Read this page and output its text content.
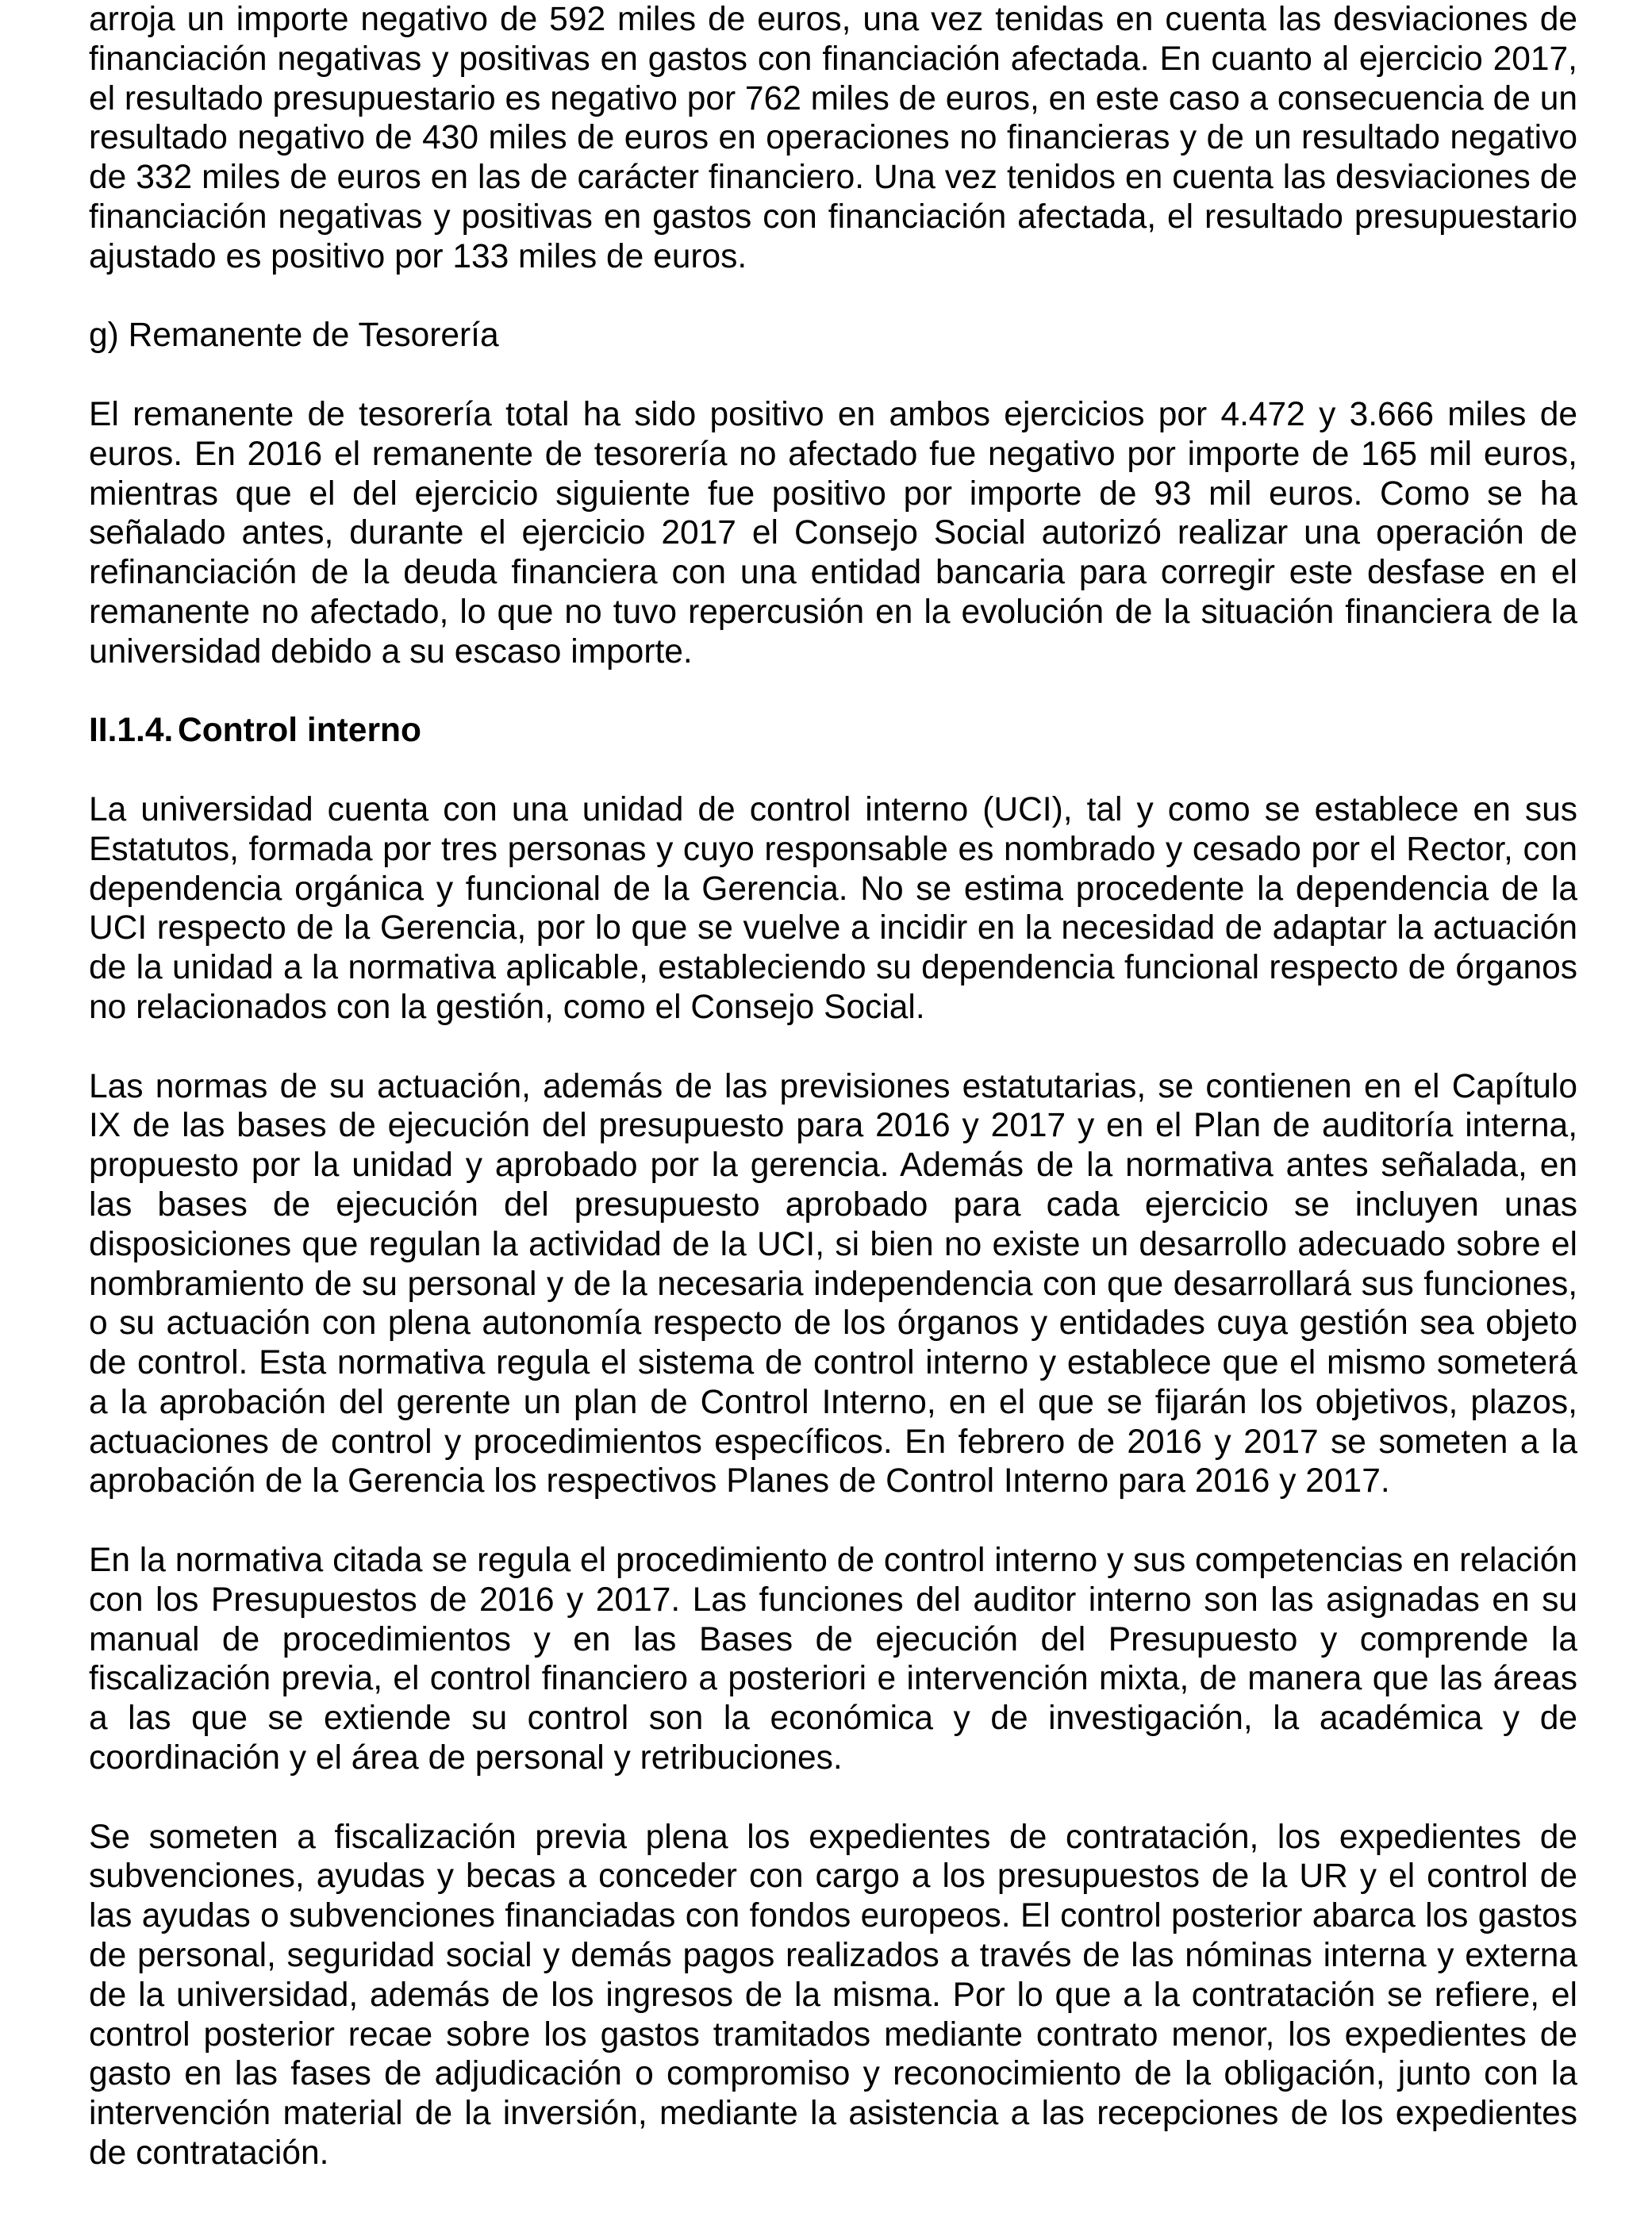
arroja un importe negativo de 592 miles de euros, una vez tenidas en cuenta las desviaciones de financiación negativas y positivas en gastos con financiación afectada. En cuanto al ejercicio 2017, el resultado presupuestario es negativo por 762 miles de euros, en este caso a consecuencia de un resultado negativo de 430 miles de euros en operaciones no financieras y de un resultado negativo de 332 miles de euros en las de carácter financiero. Una vez tenidos en cuenta las desviaciones de financiación negativas y positivas en gastos con financiación afectada, el resultado presupuestario ajustado es positivo por 133 miles de euros.

g) Remanente de Tesorería

El remanente de tesorería total ha sido positivo en ambos ejercicios por 4.472 y 3.666 miles de euros. En 2016 el remanente de tesorería no afectado fue negativo por importe de 165 mil euros, mientras que el del ejercicio siguiente fue positivo por importe de 93 mil euros. Como se ha señalado antes, durante el ejercicio 2017 el Consejo Social autorizó realizar una operación de refinanciación de la deuda financiera con una entidad bancaria para corregir este desfase en el remanente no afectado, lo que no tuvo repercusión en la evolución de la situación financiera de la universidad debido a su escaso importe.

II.1.4. Control interno

La universidad cuenta con una unidad de control interno (UCI), tal y como se establece en sus Estatutos, formada por tres personas y cuyo responsable es nombrado y cesado por el Rector, con dependencia orgánica y funcional de la Gerencia. No se estima procedente la dependencia de la UCI respecto de la Gerencia, por lo que se vuelve a incidir en la necesidad de adaptar la actuación de la unidad a la normativa aplicable, estableciendo su dependencia funcional respecto de órganos no relacionados con la gestión, como el Consejo Social.

Las normas de su actuación, además de las previsiones estatutarias, se contienen en el Capítulo IX de las bases de ejecución del presupuesto para 2016 y 2017 y en el Plan de auditoría interna, propuesto por la unidad y aprobado por la gerencia. Además de la normativa antes señalada, en las bases de ejecución del presupuesto aprobado para cada ejercicio se incluyen unas disposiciones que regulan la actividad de la UCI, si bien no existe un desarrollo adecuado sobre el nombramiento de su personal y de la necesaria independencia con que desarrollará sus funciones, o su actuación con plena autonomía respecto de los órganos y entidades cuya gestión sea objeto de control. Esta normativa regula el sistema de control interno y establece que el mismo someterá a la aprobación del gerente un plan de Control Interno, en el que se fijarán los objetivos, plazos, actuaciones de control y procedimientos específicos. En febrero de 2016 y 2017 se someten a la aprobación de la Gerencia los respectivos Planes de Control Interno para 2016 y 2017.

En la normativa citada se regula el procedimiento de control interno y sus competencias en relación con los Presupuestos de 2016 y 2017. Las funciones del auditor interno son las asignadas en su manual de procedimientos y en las Bases de ejecución del Presupuesto y comprende la fiscalización previa, el control financiero a posteriori e intervención mixta, de manera que las áreas a las que se extiende su control son la económica y de investigación, la académica y de coordinación y el área de personal y retribuciones.

Se someten a fiscalización previa plena los expedientes de contratación, los expedientes de subvenciones, ayudas y becas a conceder con cargo a los presupuestos de la UR y el control de las ayudas o subvenciones financiadas con fondos europeos. El control posterior abarca los gastos de personal, seguridad social y demás pagos realizados a través de las nóminas interna y externa de la universidad, además de los ingresos de la misma. Por lo que a la contratación se refiere, el control posterior recae sobre los gastos tramitados mediante contrato menor, los expedientes de gasto en las fases de adjudicación o compromiso y reconocimiento de la obligación, junto con la intervención material de la inversión, mediante la asistencia a las recepciones de los expedientes de contratación.
